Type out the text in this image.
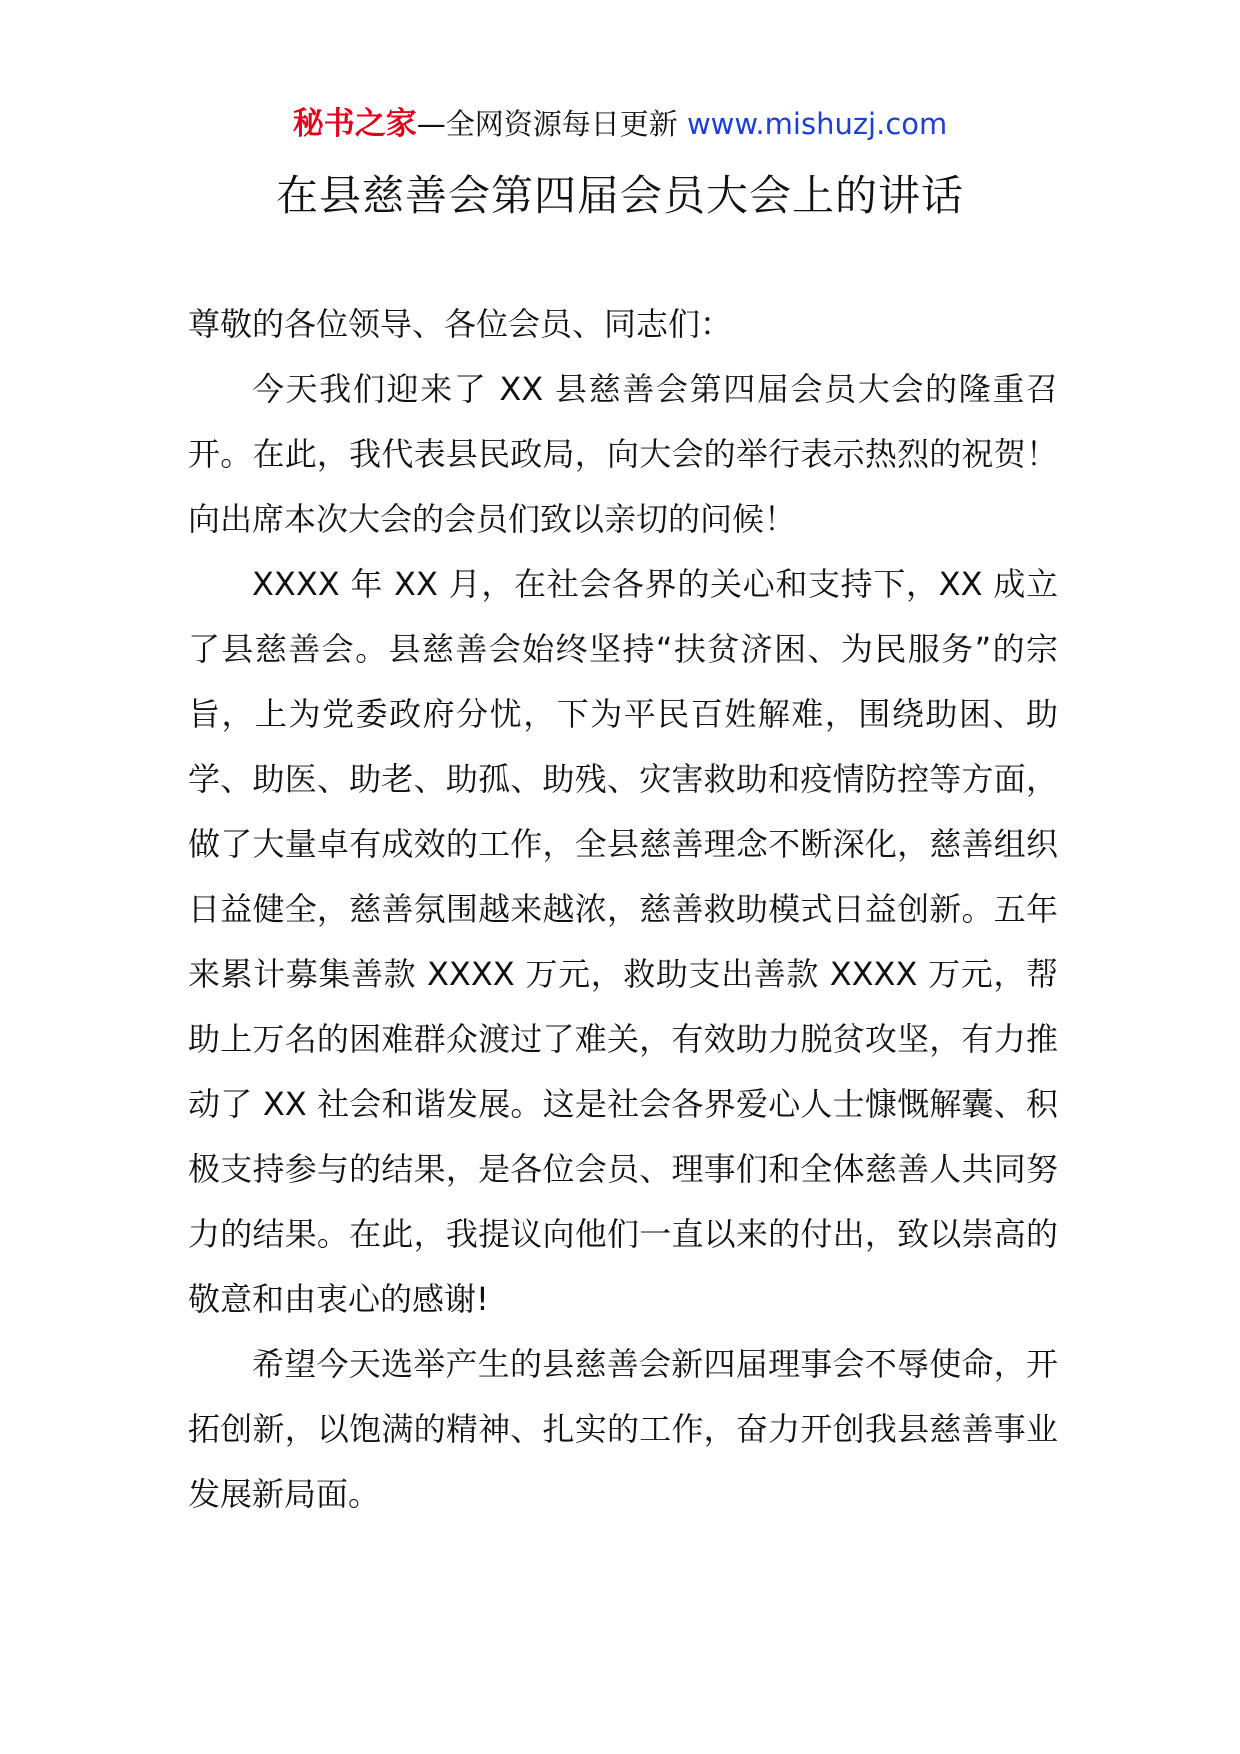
秘书之家—全网资源每日更新 www.mishuzj.com
在县慈善会第四届会员大会上的讲话

尊敬的各位领导、各位会员、同志们：

今天我们迎来了 XX 县慈善会第四届会员大会的隆重召开。在此，我代表县民政局，向大会的举行表示热烈的祝贺！向出席本次大会的会员们致以亲切的问候！

XXXX 年 XX 月，在社会各界的关心和支持下，XX 成立了县慈善会。县慈善会始终坚持“扶贫济困、为民服务”的宗旨，上为党委政府分忧，下为平民百姓解难，围绕助困、助学、助医、助老、助孤、助残、灾害救助和疫情防控等方面，做了大量卓有成效的工作，全县慈善理念不断深化，慈善组织日益健全，慈善氛围越来越浓，慈善救助模式日益创新。五年来累计募集善款 XXXX 万元，救助支出善款 XXXX 万元，帮助上万名的困难群众渡过了难关，有效助力脱贫攻坚，有力推动了 XX 社会和谐发展。这是社会各界爱心人士慷慨解囊、积极支持参与的结果，是各位会员、理事们和全体慈善人共同努力的结果。在此，我提议向他们一直以来的付出，致以崇高的敬意和由衷心的感谢!

希望今天选举产生的县慈善会新四届理事会不辱使命，开拓创新，以饱满的精神、扎实的工作，奋力开创我县慈善事业发展新局面。
